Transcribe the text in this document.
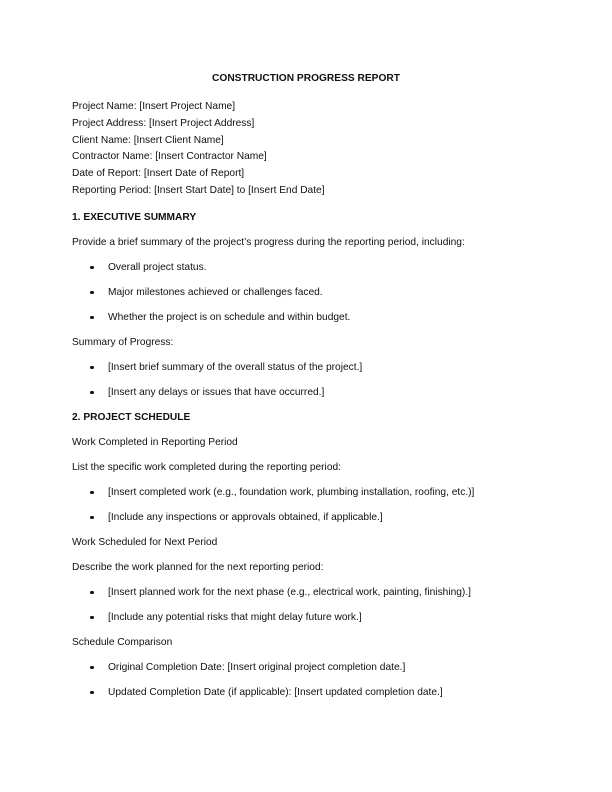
CONSTRUCTION PROGRESS REPORT

Project Name: [Insert Project Name]

Project Address: [Insert Project Address]

Client Name: [Insert Client Name]

Contractor Name: [Insert Contractor Name]

Date of Report: [Insert Date of Report]

Reporting Period: [Insert Start Date] to [Insert End Date]

1. EXECUTIVE SUMMARY

Provide a brief summary of the project’s progress during the reporting period, including:

Overall project status.
Major milestones achieved or challenges faced.
Whether the project is on schedule and within budget.

Summary of Progress:

[Insert brief summary of the overall status of the project.]
[Insert any delays or issues that have occurred.]
2. PROJECT SCHEDULE

Work Completed in Reporting Period

List the specific work completed during the reporting period:

[Insert completed work (e.g., foundation work, plumbing installation, roofing, etc.)]
[Include any inspections or approvals obtained, if applicable.]

Work Scheduled for Next Period

Describe the work planned for the next reporting period:

[Insert planned work for the next phase (e.g., electrical work, painting, finishing).]
[Include any potential risks that might delay future work.]

Schedule Comparison

Original Completion Date: [Insert original project completion date.]
Updated Completion Date (if applicable): [Insert updated completion date.]
